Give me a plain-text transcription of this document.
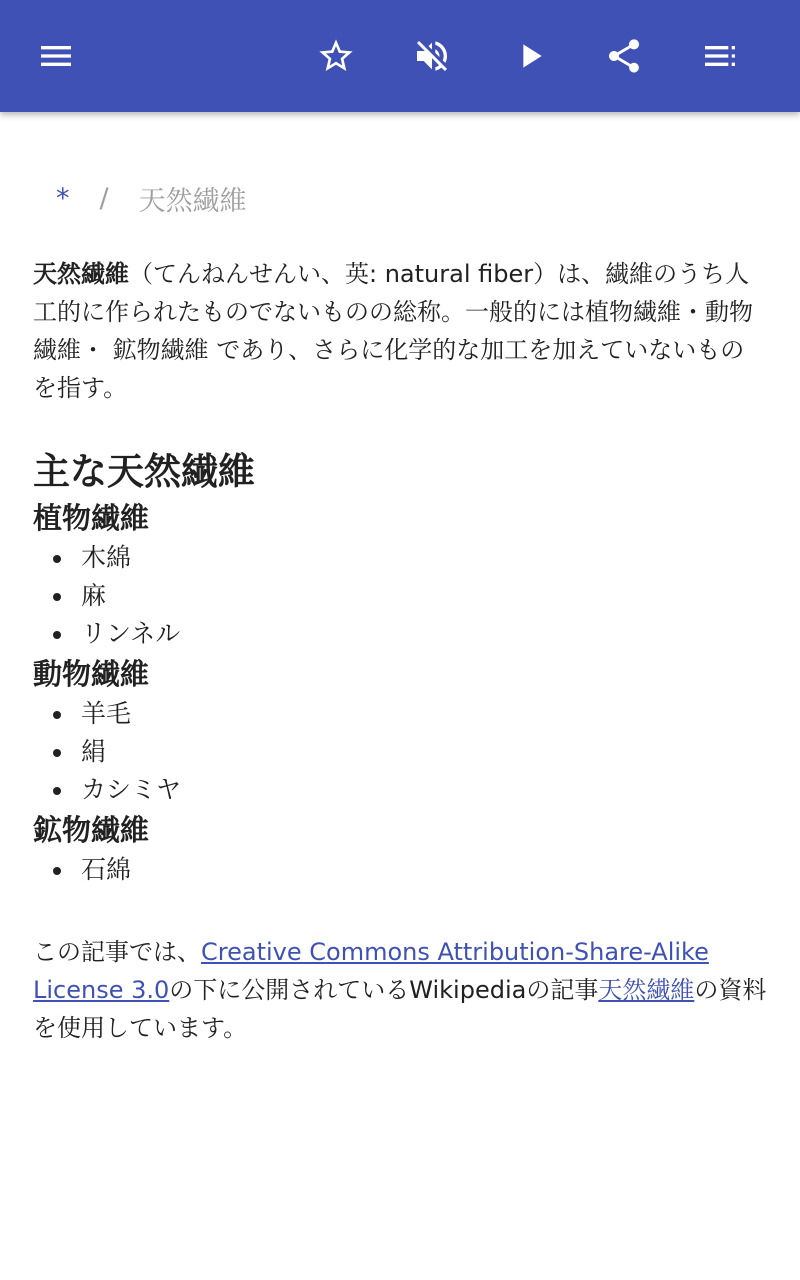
* / 天然繊維

天然繊維（てんねんせんい、英: natural fiber）は、繊維のうち人工的に作られたものでないものの総称。一般的には植物繊維・動物繊維・ 鉱物繊維 であり、さらに化学的な加工を加えていないものを指す。

主な天然繊維
植物繊維
木綿
麻
リンネル
動物繊維
羊毛
絹
カシミヤ
鉱物繊維
石綿

この記事では、Creative Commons Attribution-Share-Alike License 3.0の下に公開されているWikipediaの記事天然繊維の資料を使用しています。
